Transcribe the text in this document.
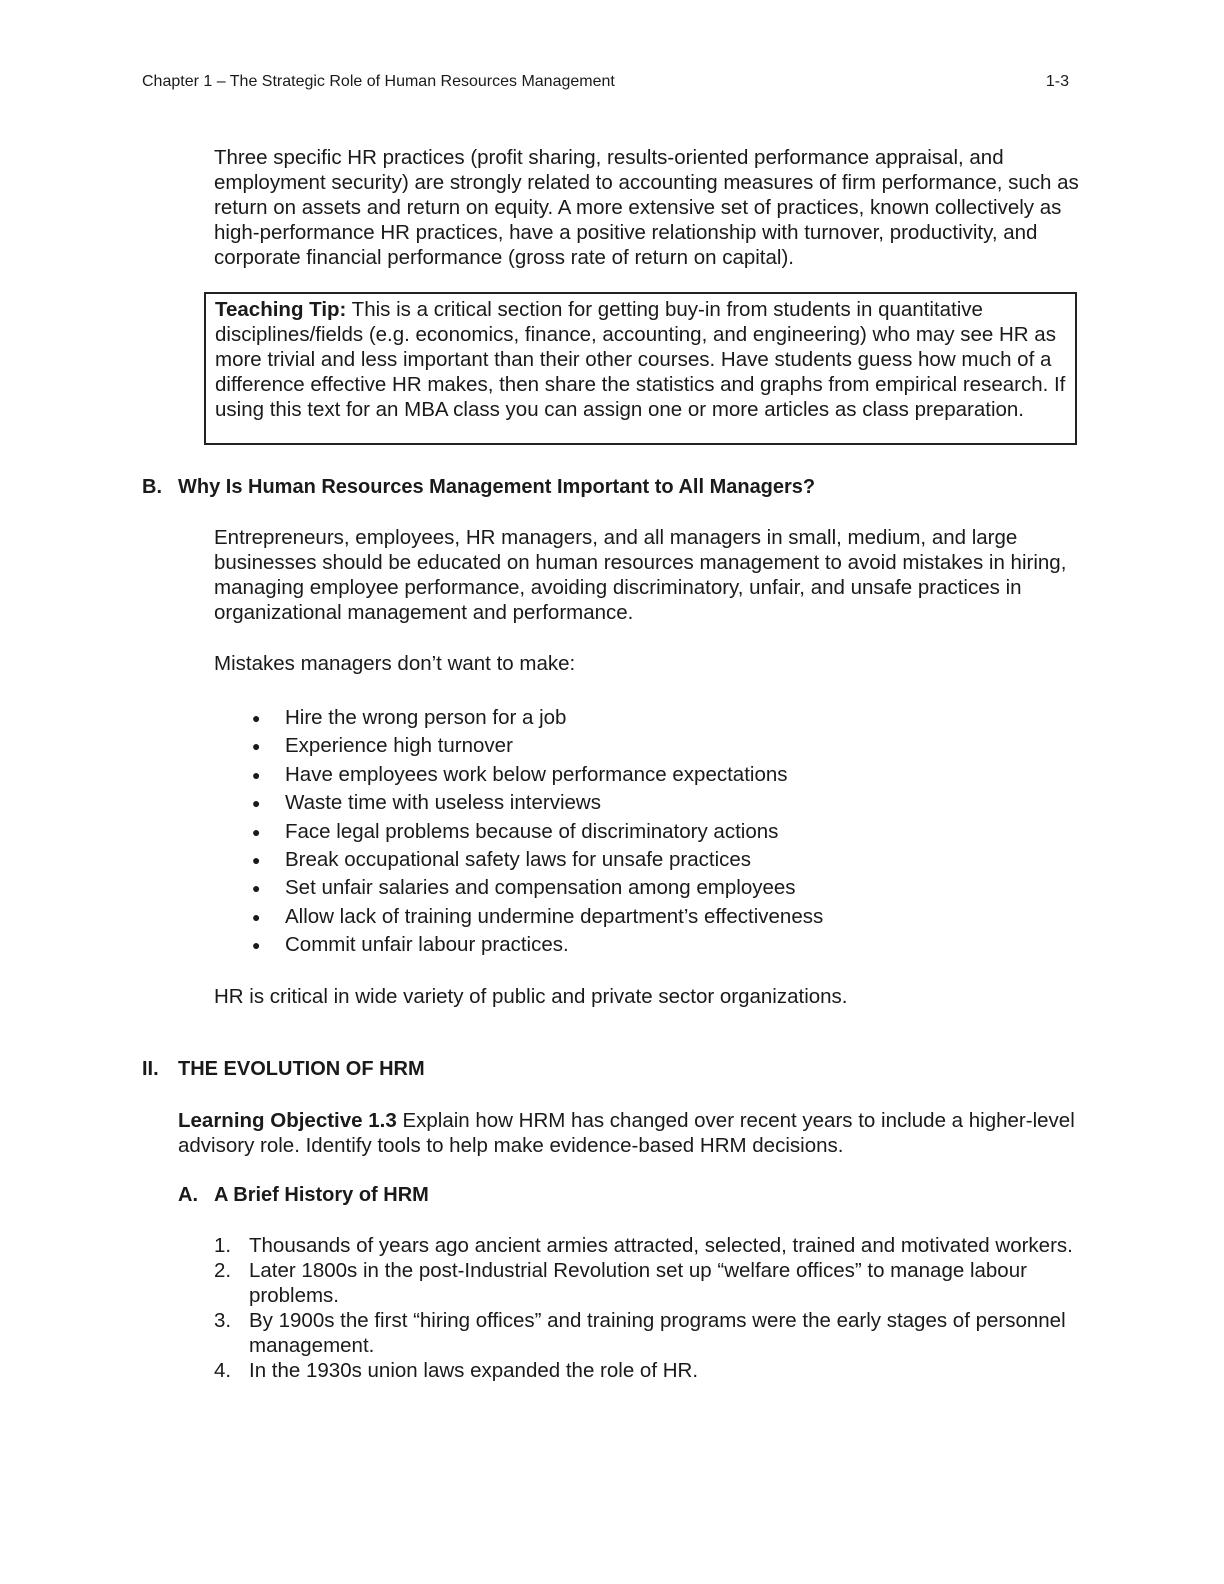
Chapter 1 – The Strategic Role of Human Resources Management	1-3

Three specific HR practices (profit sharing, results-oriented performance appraisal, and employment security) are strongly related to accounting measures of firm performance, such as return on assets and return on equity. A more extensive set of practices, known collectively as high-performance HR practices, have a positive relationship with turnover, productivity, and corporate financial performance (gross rate of return on capital).

Teaching Tip: This is a critical section for getting buy-in from students in quantitative disciplines/fields (e.g. economics, finance, accounting, and engineering) who may see HR as more trivial and less important than their other courses. Have students guess how much of a difference effective HR makes, then share the statistics and graphs from empirical research. If using this text for an MBA class you can assign one or more articles as class preparation.
B. Why Is Human Resources Management Important to All Managers?

Entrepreneurs, employees, HR managers, and all managers in small, medium, and large businesses should be educated on human resources management to avoid mistakes in hiring, managing employee performance, avoiding discriminatory, unfair, and unsafe practices in organizational management and performance.

Mistakes managers don’t want to make:

● Hire the wrong person for a job
● Experience high turnover
● Have employees work below performance expectations
● Waste time with useless interviews
● Face legal problems because of discriminatory actions
● Break occupational safety laws for unsafe practices
● Set unfair salaries and compensation among employees
● Allow lack of training undermine department’s effectiveness
● Commit unfair labour practices.

HR is critical in wide variety of public and private sector organizations.

II. THE EVOLUTION OF HRM

Learning Objective 1.3 Explain how HRM has changed over recent years to include a higher-level advisory role. Identify tools to help make evidence-based HRM decisions.

A. A Brief History of HRM
1. Thousands of years ago ancient armies attracted, selected, trained and motivated workers.
2. Later 1800s in the post-Industrial Revolution set up “welfare offices” to manage labour problems.
3. By 1900s the first “hiring offices” and training programs were the early stages of personnel management.
4. In the 1930s union laws expanded the role of HR.
